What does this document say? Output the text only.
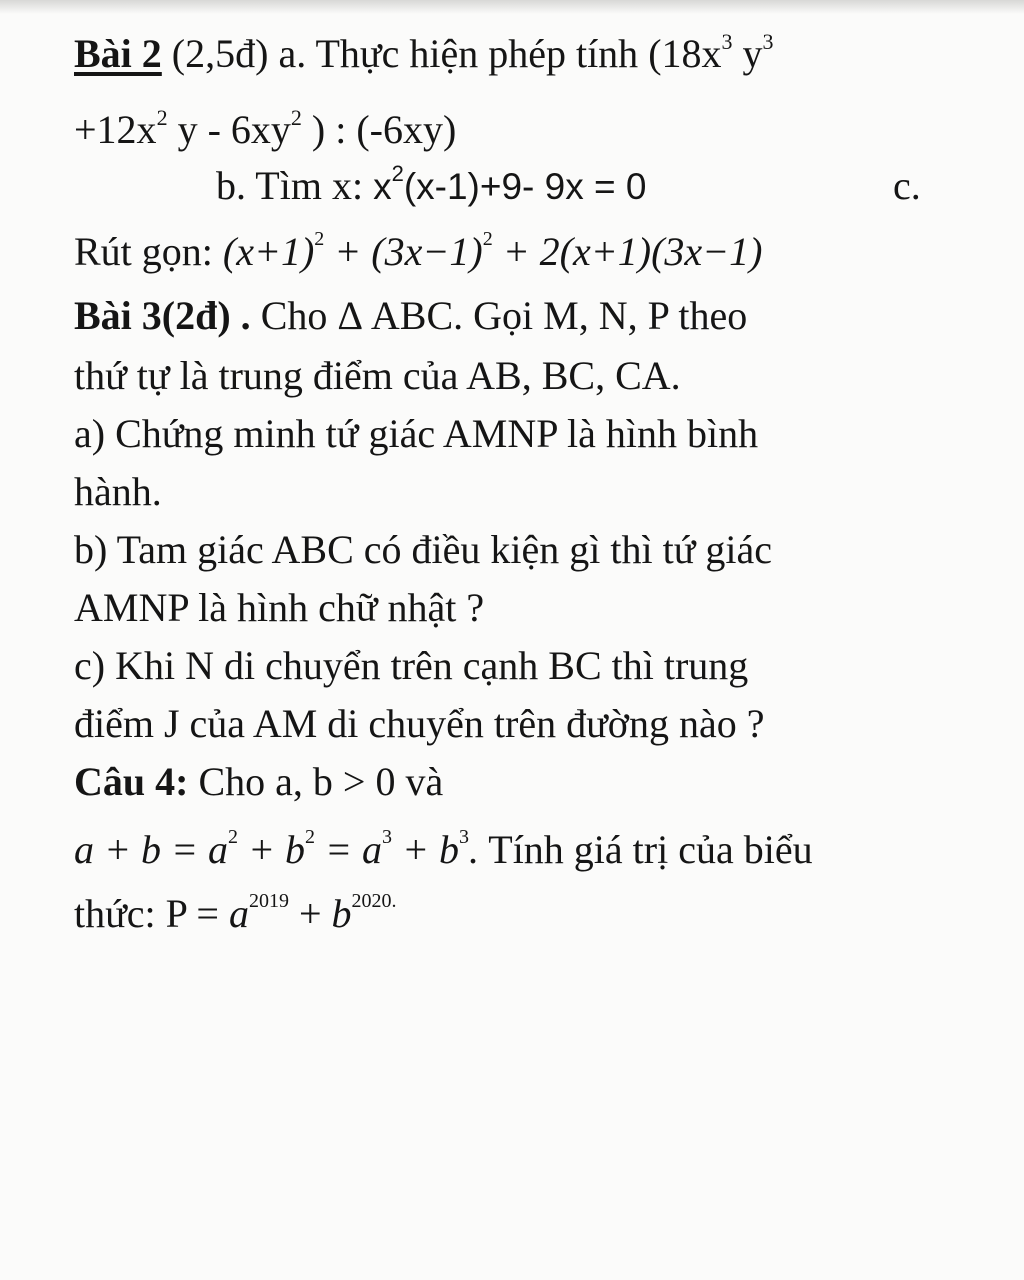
Bài 2 (2,5đ) a. Thực hiện phép tính ($18x^3$ $y^3$
$+12x^2$ y - $6xy^2$ ) : (-6xy)
b. Tìm x: $x^2(x-1)+9-$ 9x = 0	c.
Rút gọn: $(x+1)^2 + (3x-1)^2 + 2(x+1)(3x-1)$
Bài 3(2đ) . Cho Δ ABC. Gọi M, N, P theo
thứ tự là trung điểm của AB, BC, CA.
a) Chứng minh tứ giác AMNP là hình bình
hành.
b) Tam giác ABC có điều kiện gì thì tứ giác
AMNP là hình chữ nhật ?
c) Khi N di chuyển trên cạnh BC thì trung
điểm J của AM di chuyển trên đường nào ?
Câu 4: Cho a, b > 0 và
$a + b = a^2 + b^2 = a^3 + b^3$. Tính giá trị của biểu
thức: $P = a^{2019} + b^{2020.}$
